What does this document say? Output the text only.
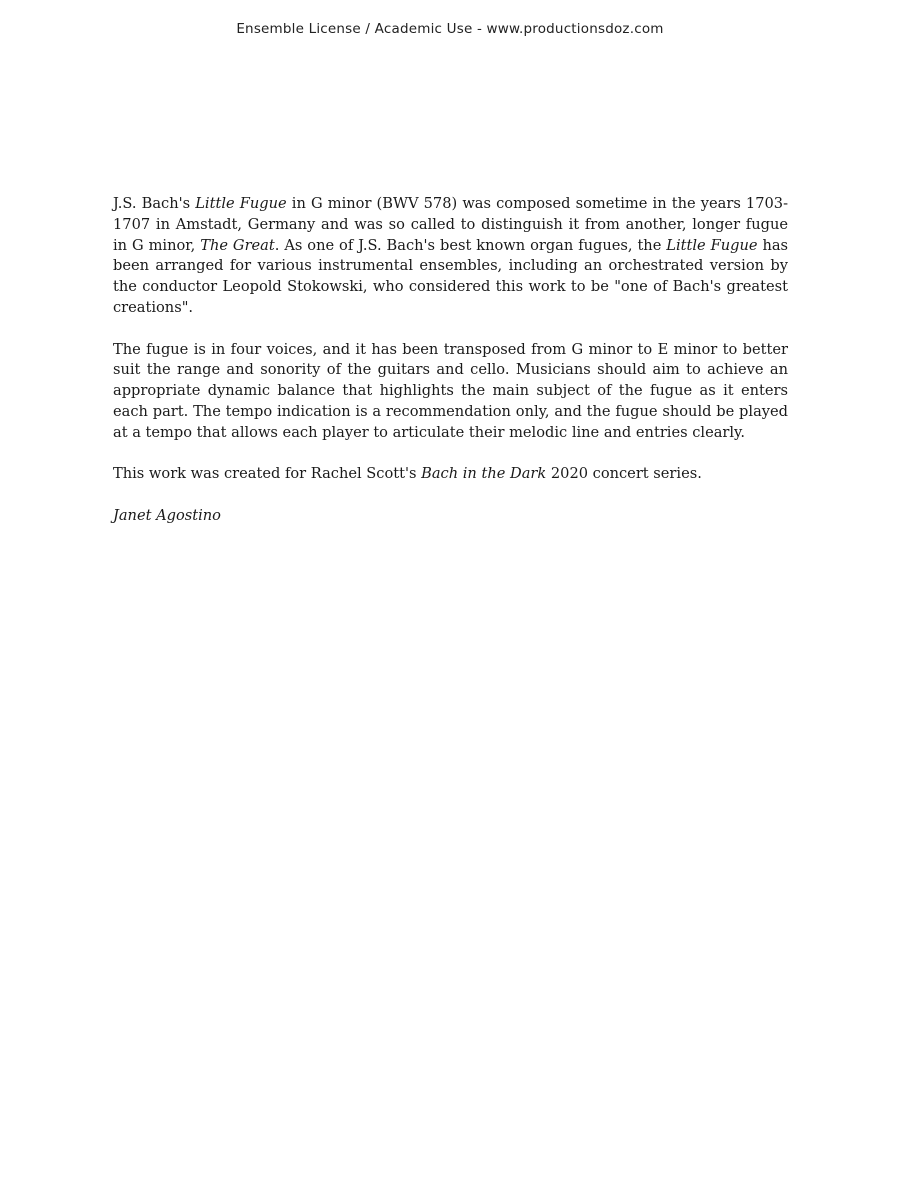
Ensemble License / Academic Use - www.productionsdoz.com

J.S. Bach's Little Fugue in G minor (BWV 578) was composed sometime in the years 1703-1707 in Amstadt, Germany and was so called to distinguish it from another, longer fugue in G minor, The Great. As one of J.S. Bach's best known organ fugues, the Little Fugue has been arranged for various instrumental ensembles, including an orchestrated version by the conductor Leopold Stokowski, who considered this work to be "one of Bach's greatest creations".

The fugue is in four voices, and it has been transposed from G minor to E minor to better suit the range and sonority of the guitars and cello. Musicians should aim to achieve an appropriate dynamic balance that highlights the main subject of the fugue as it enters each part. The tempo indication is a recommendation only, and the fugue should be played at a tempo that allows each player to articulate their melodic line and entries clearly.

This work was created for Rachel Scott's Bach in the Dark 2020 concert series.

Janet Agostino
